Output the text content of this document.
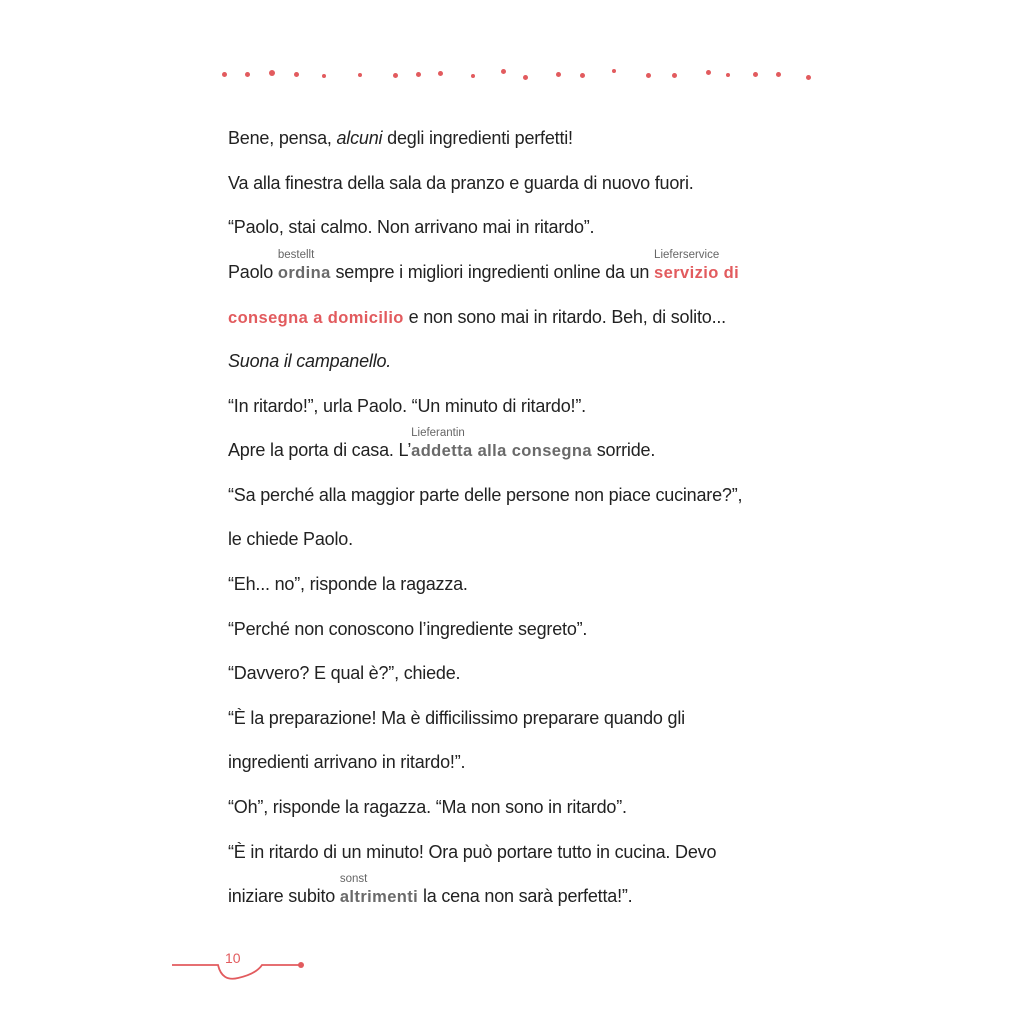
Bene, pensa, alcuni degli ingredienti perfetti!
Va alla finestra della sala da pranzo e guarda di nuovo fuori.
“Paolo, stai calmo. Non arrivano mai in ritardo”.
Paolo
bestellt
ordina sempre i migliori ingredienti online da un
Lieferservice
servizio di
consegna a domicilio e non sono mai in ritardo. Beh, di solito...
Suona il campanello.
“In ritardo!”, urla Paolo. “Un minuto di ritardo!”.
Apre la porta di casa. L’
Lieferantin
addetta alla consegna sorride.
“Sa perché alla maggior parte delle persone non piace cucinare?”,
le chiede Paolo.
“Eh... no”, risponde la ragazza.
“Perché non conoscono l’ingrediente segreto”.
“Davvero? E qual è?”, chiede.
“È la preparazione! Ma è difficilissimo preparare quando gli
ingredienti arrivano in ritardo!”.
“Oh”, risponde la ragazza. “Ma non sono in ritardo”.
“È in ritardo di un minuto! Ora può portare tutto in cucina. Devo
iniziare subito
sonst
altrimenti la cena non sarà perfetta!”.
10
